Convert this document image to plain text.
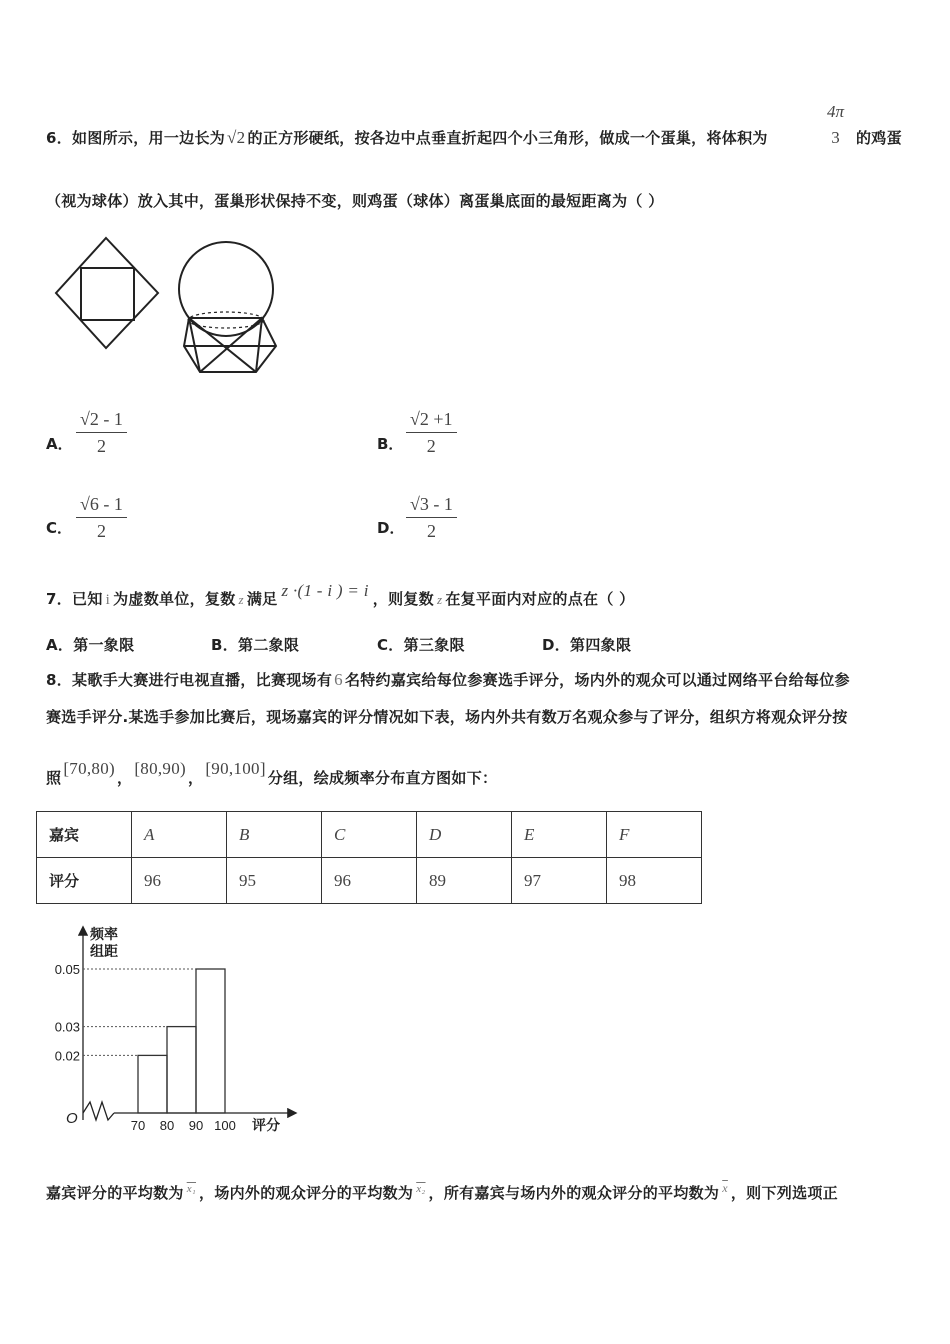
6．如图所示，用一边长为 √2 的正方形硬纸，按各边中点垂直折起四个小三角形，做成一个蛋巢，将体积为
4π
3	的鸡蛋
（视为球体）放入其中，蛋巢形状保持不变，则鸡蛋（球体）离蛋巢底面的最短距离为（ ）
A． $\frac{√2 - 1}{2}$	B． $\frac{√2 +1}{2}$
C． $\frac{√6 - 1}{2}$	D． $\frac{√3 - 1}{2}$
7．已知 i 为虚数单位，复数 z 满足 z ·(1 - i ) = i ，则复数 z 在复平面内对应的点在（ ）
A．第一象限	B．第二象限	C．第三象限	D．第四象限
8．某歌手大赛进行电视直播，比赛现场有 6 名特约嘉宾给每位参赛选手评分，场内外的观众可以通过网络平台给每位参
赛选手评分.某选手参加比赛后，现场嘉宾的评分情况如下表，场内外共有数万名观众参与了评分，组织方将观众评分按
照 [70,80) ， [80,90) ， [90,100] 分组，绘成频率分布直方图如下：
嘉宾	A	B	C	D	E	F
评分	96	95	96	89	97	98
频率
组距
O	评分
0.02
0.03
0.05
70 80 90 100
嘉宾评分的平均数为 $^{x_1}$ ，场内外的观众评分的平均数为 $^{x_2}$ ，所有嘉宾与场内外的观众评分的平均数为 $^{\overline{x}}$ ，则下列选项正
